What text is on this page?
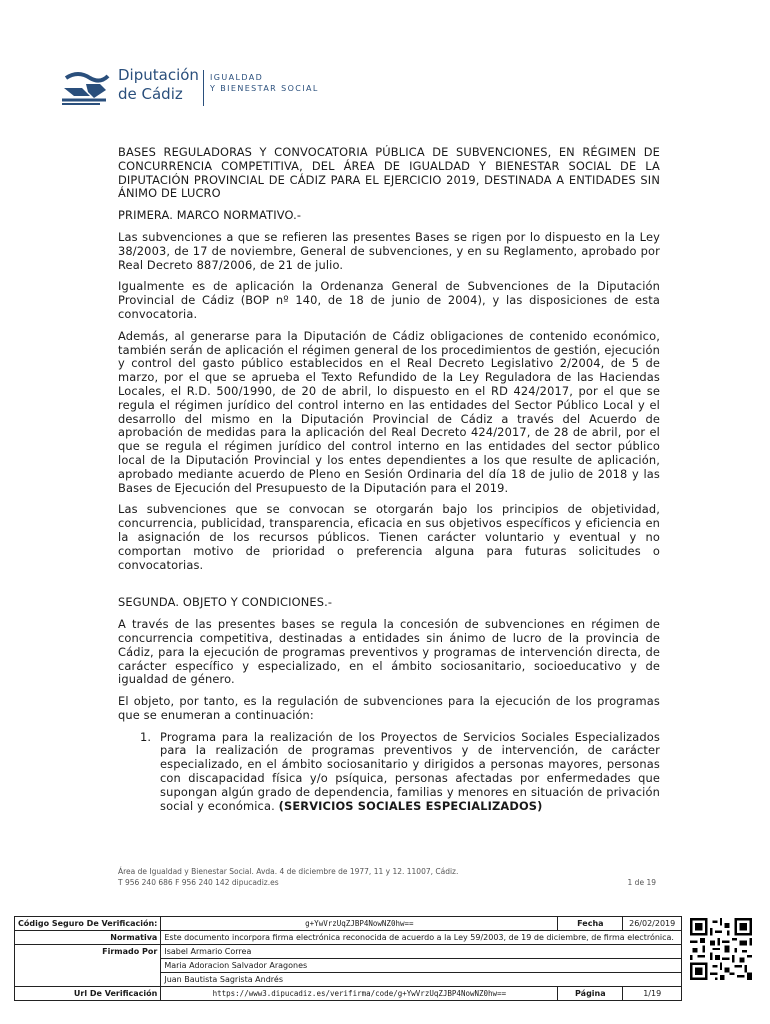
Diputación
de Cádiz
IGUALDAD
Y BIENESTAR SOCIAL

BASES REGULADORAS Y CONVOCATORIA PÚBLICA DE SUBVENCIONES, EN RÉGIMEN DE CONCURRENCIA COMPETITIVA, DEL ÁREA DE IGUALDAD Y BIENESTAR SOCIAL DE LA DIPUTACIÓN PROVINCIAL DE CÁDIZ PARA EL EJERCICIO 2019, DESTINADA A ENTIDADES SIN ÁNIMO DE LUCRO

PRIMERA. MARCO NORMATIVO.-

Las subvenciones a que se refieren las presentes Bases se rigen por lo dispuesto en la Ley 38/2003, de 17 de noviembre, General de subvenciones, y en su Reglamento, aprobado por Real Decreto 887/2006, de 21 de julio.

Igualmente es de aplicación la Ordenanza General de Subvenciones de la Diputación Provincial de Cádiz (BOP nº 140, de 18 de junio de 2004), y las disposiciones de esta convocatoria.

Además, al generarse para la Diputación de Cádiz obligaciones de contenido económico, también serán de aplicación el régimen general de los procedimientos de gestión, ejecución y control del gasto público establecidos en el Real Decreto Legislativo 2/2004, de 5 de marzo, por el que se aprueba el Texto Refundido de la Ley Reguladora de las Haciendas Locales, el R.D. 500/1990, de 20 de abril, lo dispuesto en el RD 424/2017, por el que se regula el régimen jurídico del control interno en las entidades del Sector Público Local y el desarrollo del mismo en la Diputación Provincial de Cádiz a través del Acuerdo de aprobación de medidas para la aplicación del Real Decreto 424/2017, de 28 de abril, por el que se regula el régimen jurídico del control interno en las entidades del sector público local de la Diputación Provincial y los entes dependientes a los que resulte de aplicación, aprobado mediante acuerdo de Pleno en Sesión Ordinaria del día 18 de julio de 2018 y las Bases de Ejecución del Presupuesto de la Diputación para el 2019.

Las subvenciones que se convocan se otorgarán bajo los principios de objetividad, concurrencia, publicidad, transparencia, eficacia en sus objetivos específicos y eficiencia en la asignación de los recursos públicos. Tienen carácter voluntario y eventual y no comportan motivo de prioridad o preferencia alguna para futuras solicitudes o convocatorias.

SEGUNDA. OBJETO Y CONDICIONES.-

A través de las presentes bases se regula la concesión de subvenciones en régimen de concurrencia competitiva, destinadas a entidades sin ánimo de lucro de la provincia de Cádiz, para la ejecución de programas preventivos y programas de intervención directa, de carácter específico y especializado, en el ámbito sociosanitario, socioeducativo y de igualdad de género.

El objeto, por tanto, es la regulación de subvenciones para la ejecución de los programas que se enumeran a continuación:

1. Programa para la realización de los Proyectos de Servicios Sociales Especializados para la realización de programas preventivos y de intervención, de carácter especializado, en el ámbito sociosanitario y dirigidos a personas mayores, personas con discapacidad física y/o psíquica, personas afectadas por enfermedades que supongan algún grado de dependencia, familias y menores en situación de privación social y económica. (SERVICIOS SOCIALES ESPECIALIZADOS)
Área de Igualdad y Bienestar Social. Avda. 4 de diciembre de 1977, 11 y 12. 11007, Cádiz.
T 956 240 686 F 956 240 142 dipucadiz.es	1 de 19
Código Seguro De Verificación:	g+YwVrzUqZJBP4NowNZ0hw==	Fecha	26/02/2019
Normativa	Este documento incorpora firma electrónica reconocida de acuerdo a la Ley 59/2003, de 19 de diciembre, de firma electrónica.		
Firmado Por	Isabel Armario Correa		
	Maria Adoracion Salvador Aragones		
	Juan Bautista Sagrista Andrés		
Url De Verificación	https://www3.dipucadiz.es/verifirma/code/g+YwVrzUqZJBP4NowNZ0hw==	Página	1/19
